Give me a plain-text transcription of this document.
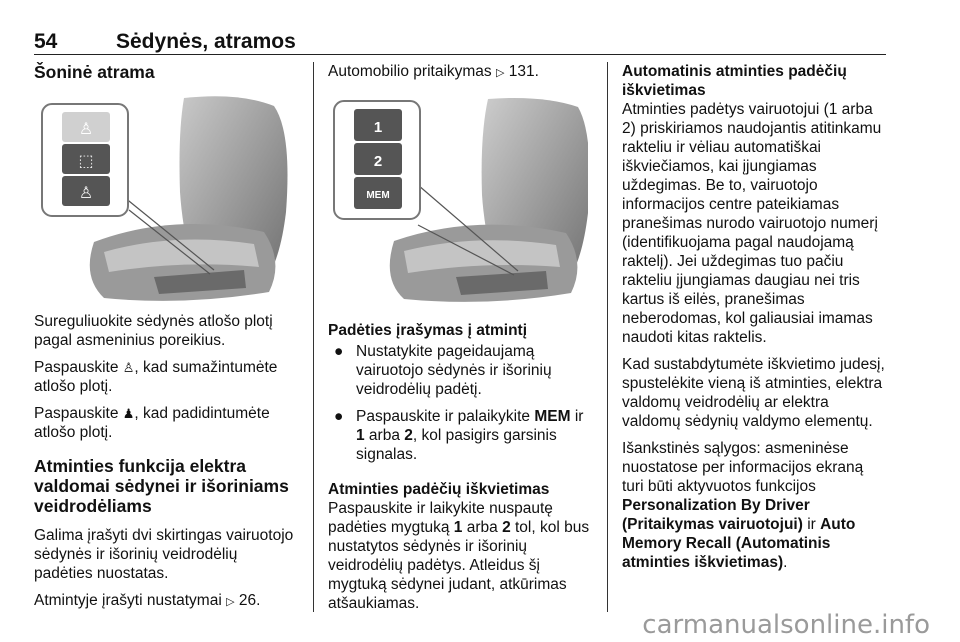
54	Sėdynės, atramos
Šoninė atrama
♙
⬚
♙

Sureguliuokite sėdynės atlošo plotį pagal asmeninius poreikius.

Paspauskite ♙, kad sumažintumėte atlošo plotį.

Paspauskite ♟, kad padidintumėte atlošo plotį.

Atminties funkcija elektra valdomai sėdynei ir išoriniams veidrodėliams

Galima įrašyti dvi skirtingas vairuotojo sėdynės ir išorinių veidrodėlių padėties nuostatas.

Atmintyje įrašyti nustatymai ▷ 26.

Automobilio pritaikymas ▷ 131.

1
2
MEM
Padėties įrašymas į atmintį
● Nustatykite pageidaujamą vairuotojo sėdynės ir išorinių veidrodėlių padėtį.
● Paspauskite ir palaikykite MEM ir 1 arba 2, kol pasigirs garsinis signalas.
Atminties padėčių iškvietimas

Paspauskite ir laikykite nuspautę padėties mygtuką 1 arba 2 tol, kol bus nustatytos sėdynės ir išorinių veidrodėlių padėtys. Atleidus šį mygtuką sėdynei judant, atkūrimas atšaukiamas.

Automatinis atminties padėčių iškvietimas

Atminties padėtys vairuotojui (1 arba 2) priskiriamos naudojantis atitinkamu rakteliu ir vėliau automatiškai iškviečiamos, kai įjungiamas uždegimas. Be to, vairuotojo informacijos centre pateikiamas pranešimas nurodo vairuotojo numerį (identifikuojama pagal naudojamą raktelį). Jei uždegimas tuo pačiu rakteliu įjungiamas daugiau nei tris kartus iš eilės, pranešimas neberodomas, kol galiausiai imamas naudoti kitas raktelis.

Kad sustabdytumėte iškvietimo judesį, spustelėkite vieną iš atminties, elektra valdomų veidrodėlių ar elektra valdomų sėdynių valdymo elementų.

Išankstinės sąlygos: asmeninėse nuostatose per informacijos ekraną turi būti aktyvuotos funkcijos Personalization By Driver (Pritaikymas vairuotojui) ir Auto Memory Recall (Automatinis atminties iškvietimas).

carmanualsonline.info
